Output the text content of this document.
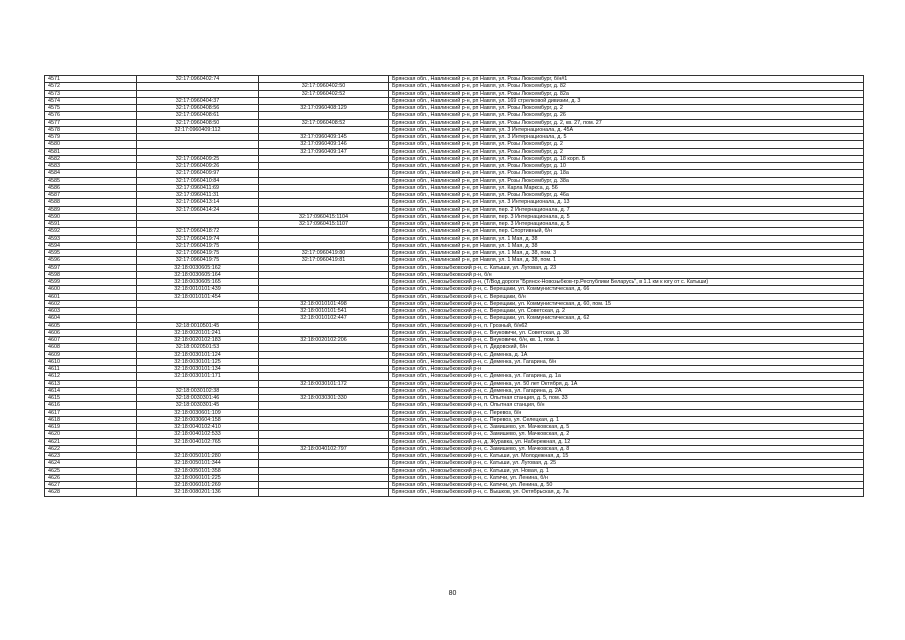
4571	32:17:0960402:74		Брянская обл., Навлинский р-н, рп Навля, ул. Розы Люксембург, б/н#1
4572		32:17:0960402:50	Брянская обл., Навлинский р-н, рп Навля, ул. Розы Люксембург, д. 82
4573		32:17:0960402:52	Брянская обл., Навлинский р-н, рп Навля, ул. Розы Люксембург, д. 82а
4574	32:17:0960404:37		Брянская обл., Навлинский р-н, рп Навля, ул. 169 стрелковой дивизии, д. 3
4575	32:17:0960408:56	32:17:0960408:129	Брянская обл., Навлинский р-н, рп Навля, ул. Розы Люксембург, д. 2
4576	32:17:0960408:61		Брянская обл., Навлинский р-н, рп Навля, ул. Розы Люксембург, д. 26
4577	32:17:0960408:50	32:17:0960408:52	Брянская обл., Навлинский р-н, рп Навля, ул. Розы Люксембург, д. 2, кв. 27, пом. 27
4578	32:17:0960409:112		Брянская обл., Навлинский р-н, рп Навля, ул. 3 Интернационала, д. 45А
4579		32:17:0960409:145	Брянская обл., Навлинский р-н, рп Навля, ул. 3 Интернационала, д. 5
4580		32:17:0960409:146	Брянская обл., Навлинский р-н, рп Навля, ул. Розы Люксембург, д. 2
4581		32:17:0960409:147	Брянская обл., Навлинский р-н, рп Навля, ул. Розы Люксембург, д. 2
4582	32:17:0960409:25		Брянская обл., Навлинский р-н, рп Навля, ул. Розы Люксембург, д. 18 корп. Б
4583	32:17:0960409:26		Брянская обл., Навлинский р-н, рп Навля, ул. Розы Люксембург, д. 10
4584	32:17:0960409:97		Брянская обл., Навлинский р-н, рп Навля, ул. Розы Люксембург, д. 18а
4585	32:17:0960410:84		Брянская обл., Навлинский р-н, рп Навля, ул. Розы Люксембург, д. 38а
4586	32:17:0960411:69		Брянская обл., Навлинский р-н, рп Навля, ул. Карла Маркса, д. 56
4587	32:17:0960411:31		Брянская обл., Навлинский р-н, рп Навля, ул. Розы Люксембург, д. 46а
4588	32:17:0960413:14		Брянская обл., Навлинский р-н, рп Навля, ул. 3 Интернационала, д. 13
4589	32:17:0960414:24		Брянская обл., Навлинский р-н, рп Навля, пер. 2 Интернационала, д. 7
4590		32:17:0960415:1104	Брянская обл., Навлинский р-н, рп Навля, пер. 3 Интернационала, д. 5
4591		32:17:0960415:1107	Брянская обл., Навлинский р-н, рп Навля, пер. 3 Интернационала, д. 5
4592	32:17:0960418:72		Брянская обл., Навлинский р-н, рп Навля, пер. Спортивный, б/н
4593	32:17:0960419:74		Брянская обл., Навлинский р-н, рп Навля, ул. 1 Мая, д. 38
4594	32:17:0960419:75		Брянская обл., Навлинский р-н, рп Навля, ул. 1 Мая, д. 38
4595	32:17:0960419:75	32:17:0960419:80	Брянская обл., Навлинский р-н, рп Навля, ул. 1 Мая, д. 38, пом. 3
4596	32:17:0960419:75	32:17:0960419:81	Брянская обл., Навлинский р-н, рп Навля, ул. 1 Мая, д. 38, пом. 1
4597	32:18:0030605:162		Брянская обл., Новозыбковский р-н, с. Катыши, ул. Луговая, д. 23
4598	32:18:0030605:164		Брянская обл., Новозыбковский р-н, б/н
4599	32:18:0030605:165		Брянская обл., Новозыбковский р-н, (Т/Вод дороги "Брянск-Новозыбков-гр.Республики Беларусь", в 1.1 км к югу от с. Катыши)
4600	32:18:0010101:439		Брянская обл., Новозыбковский р-н, с. Верещаки, ул. Коммунистическая, д. 66
4601	32:18:0010101:454		Брянская обл., Новозыбковский р-н, с. Верещаки, б/н
4602		32:18:0010101:498	Брянская обл., Новозыбковский р-н, с. Верещаки, ул. Коммунистическая, д. 60, пом. 15
4603		32:18:0010101:541	Брянская обл., Новозыбковский р-н, с. Верещаки, ул. Советская, д. 2
4604		32:18:0010102:447	Брянская обл., Новозыбковский р-н, с. Верещаки, ул. Коммунистическая, д. 62
4605	32:18:0010501:45		Брянская обл., Новозыбковский р-н, п. Грозный, б/н62
4606	32:18:0020101:241		Брянская обл., Новозыбковский р-н, с. Внуковичи, ул. Советская, д. 38
4607	32:18:0020102:183	32:18:0020102:206	Брянская обл., Новозыбковский р-н, с. Внуковичи, б/н, кв. 1, пом. 1
4608	32:18:0020501:53		Брянская обл., Новозыбковский р-н, п. Дедовский, б/н
4609	32:18:0030101:124		Брянская обл., Новозыбковский р-н, с. Деменка, д. 1А
4610	32:18:0030101:125		Брянская обл., Новозыбковский р-н, с. Деменка, ул. Гагарина, б/н
4611	32:18:0030101:134		Брянская обл., Новозыбковский р-н
4612	32:18:0030101:171		Брянская обл., Новозыбковский р-н, с. Деменка, ул. Гагарина, д. 1а
4613		32:18:0030101:172	Брянская обл., Новозыбковский р-н, с. Деменка, ул. 50 лет Октября, д. 1А
4614	32:18:0030102:38		Брянская обл., Новозыбковский р-н, с. Деменка, ул. Гагарина, д. 2А
4615	32:18:0030301:46	32:18:0030301:330	Брянская обл., Новозыбковский р-н, п. Опытная станция, д. 5, пом. 33
4616	32:18:0030301:45		Брянская обл., Новозыбковский р-н, п. Опытная станция, б/н
4617	32:18:0030601:109		Брянская обл., Новозыбковский р-н, с. Перевоз, б/н
4618	32:18:0030604:158		Брянская обл., Новозыбковский р-н, с. Перевоз, ул. Селецкая, д. 1
4619	32:18:0040102:410		Брянская обл., Новозыбковский р-н, с. Замишево, ул. Мачковская, д. 5
4620	32:18:0040102:533		Брянская обл., Новозыбковский р-н, с. Замишево, ул. Мачковская, д. 2
4621	32:18:0040102:765		Брянская обл., Новозыбковский р-н, д. Журавка, ул. Набережная, д. 12
4622		32:18:0040102:797	Брянская обл., Новозыбковский р-н, с. Замишево, ул. Мачковская, д. 8
4623	32:18:0050101:280		Брянская обл., Новозыбковский р-н, с. Катыши, ул. Молодежная, д. 15
4624	32:18:0050101:344		Брянская обл., Новозыбковский р-н, с. Катыши, ул. Луговая, д. 25
4625	32:18:0050101:358		Брянская обл., Новозыбковский р-н, с. Катыши, ул. Новая, д. 1
4626	32:18:0060101:225		Брянская обл., Новозыбковский р-н, с. Катичи, ул. Ленина, б/н
4627	32:18:0060101:269		Брянская обл., Новозыбковский р-н, с. Катичи, ул. Ленина, д. 50
4628	32:18:0080201:136		Брянская обл., Новозыбковский р-н, с. Вышков, ул. Октябрьская, д. 7а
80
